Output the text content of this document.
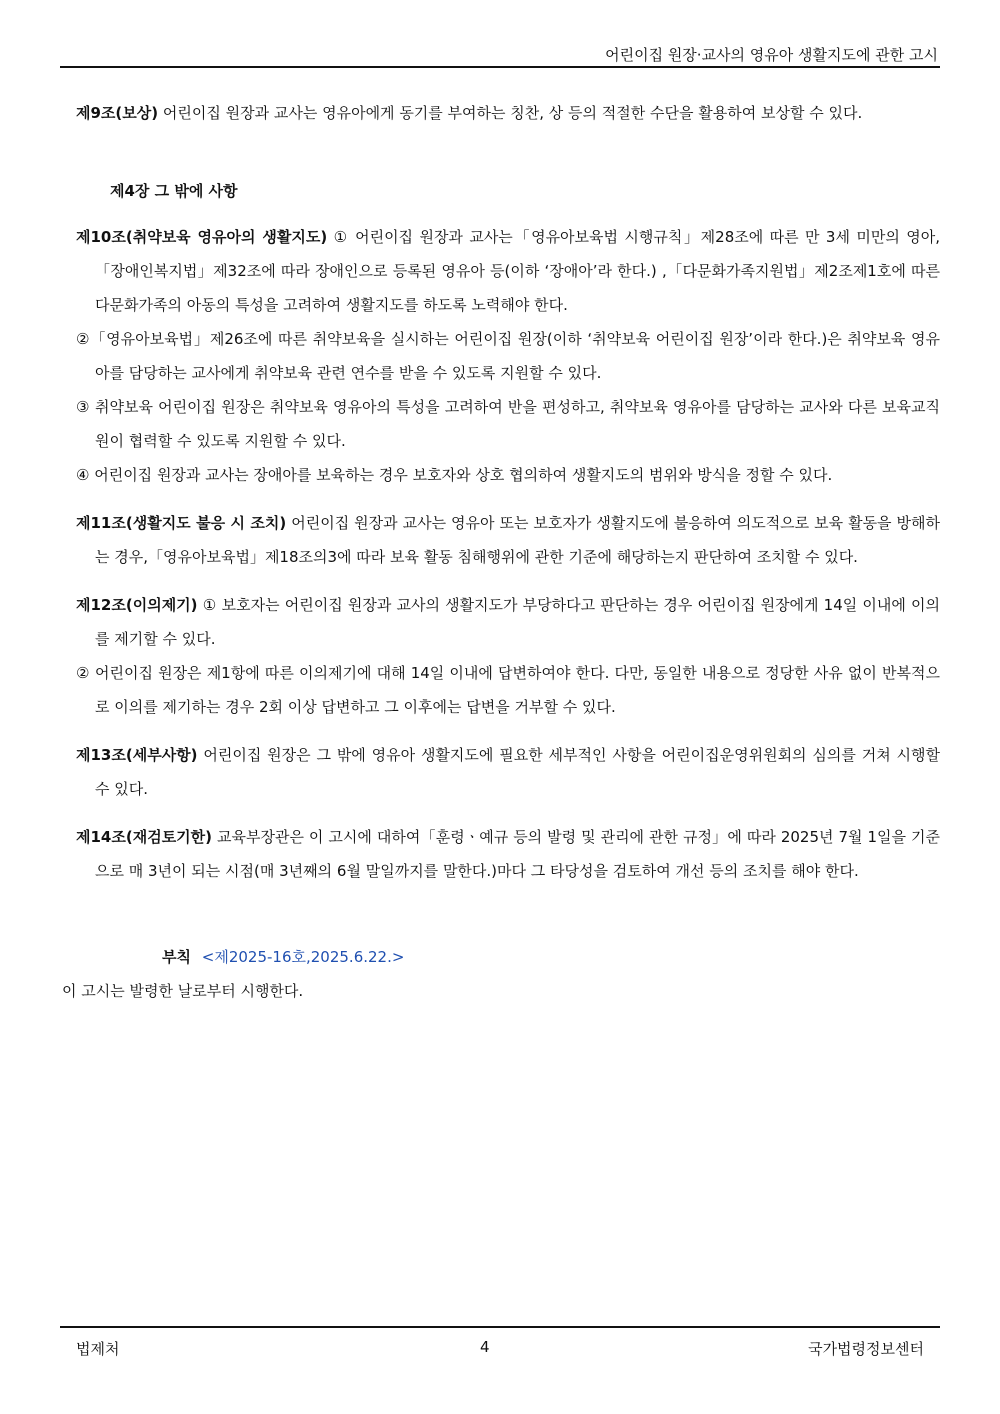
어린이집 원장·교사의 영유아 생활지도에 관한 고시
제9조(보상) 어린이집 원장과 교사는 영유아에게 동기를 부여하는 칭찬, 상 등의 적절한 수단을 활용하여 보상할 수 있다.
제4장 그 밖에 사항
제10조(취약보육 영유아의 생활지도) ① 어린이집 원장과 교사는「영유아보육법 시행규칙」제28조에 따른 만 3세 미만의 영아,「장애인복지법」제32조에 따라 장애인으로 등록된 영유아 등(이하 ‘장애아’라 한다.) ,「다문화가족지원법」제2조제1호에 따른 다문화가족의 아동의 특성을 고려하여 생활지도를 하도록 노력해야 한다.
②「영유아보육법」제26조에 따른 취약보육을 실시하는 어린이집 원장(이하 ‘취약보육 어린이집 원장’이라 한다.)은 취약보육 영유아를 담당하는 교사에게 취약보육 관련 연수를 받을 수 있도록 지원할 수 있다.
③ 취약보육 어린이집 원장은 취약보육 영유아의 특성을 고려하여 반을 편성하고, 취약보육 영유아를 담당하는 교사와 다른 보육교직원이 협력할 수 있도록 지원할 수 있다.
④ 어린이집 원장과 교사는 장애아를 보육하는 경우 보호자와 상호 협의하여 생활지도의 범위와 방식을 정할 수 있다.
제11조(생활지도 불응 시 조치) 어린이집 원장과 교사는 영유아 또는 보호자가 생활지도에 불응하여 의도적으로 보육 활동을 방해하는 경우,「영유아보육법」제18조의3에 따라 보육 활동 침해행위에 관한 기준에 해당하는지 판단하여 조치할 수 있다.
제12조(이의제기) ① 보호자는 어린이집 원장과 교사의 생활지도가 부당하다고 판단하는 경우 어린이집 원장에게 14일 이내에 이의를 제기할 수 있다.
② 어린이집 원장은 제1항에 따른 이의제기에 대해 14일 이내에 답변하여야 한다. 다만, 동일한 내용으로 정당한 사유 없이 반복적으로 이의를 제기하는 경우 2회 이상 답변하고 그 이후에는 답변을 거부할 수 있다.
제13조(세부사항) 어린이집 원장은 그 밖에 영유아 생활지도에 필요한 세부적인 사항을 어린이집운영위원회의 심의를 거쳐 시행할 수 있다.
제14조(재검토기한) 교육부장관은 이 고시에 대하여「훈령ㆍ예규 등의 발령 및 관리에 관한 규정」에 따라 2025년 7월 1일을 기준으로 매 3년이 되는 시점(매 3년째의 6월 말일까지를 말한다.)마다 그 타당성을 검토하여 개선 등의 조치를 해야 한다.
부칙 <제2025-16호,2025.6.22.>
이 고시는 발령한 날로부터 시행한다.
법제처	4	국가법령정보센터
